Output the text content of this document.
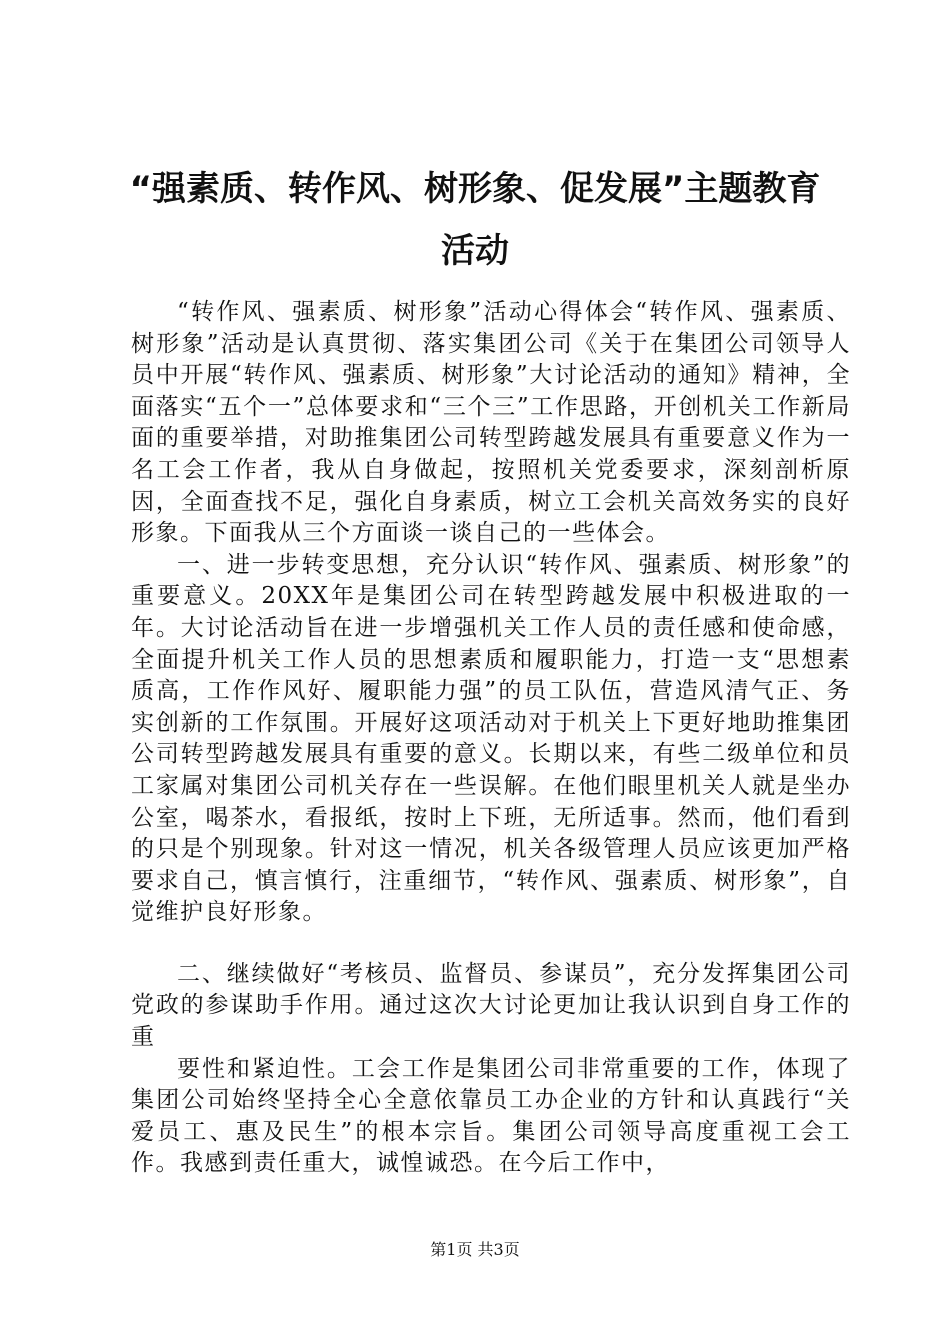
“强素质、转作风、树形象、促发展”主题教育活动

“转作风、强素质、树形象”活动心得体会“转作风、强素质、树形象”活动是认真贯彻、落实集团公司《关于在集团公司领导人员中开展“转作风、强素质、树形象”大讨论活动的通知》精神，全面落实“五个一”总体要求和“三个三”工作思路，开创机关工作新局面的重要举措，对助推集团公司转型跨越发展具有重要意义作为一名工会工作者，我从自身做起，按照机关党委要求，深刻剖析原因，全面查找不足，强化自身素质，树立工会机关高效务实的良好形象。下面我从三个方面谈一谈自己的一些体会。

一、进一步转变思想，充分认识“转作风、强素质、树形象”的重要意义。20XX年是集团公司在转型跨越发展中积极进取的一年。大讨论活动旨在进一步增强机关工作人员的责任感和使命感，全面提升机关工作人员的思想素质和履职能力，打造一支“思想素质高，工作作风好、履职能力强”的员工队伍，营造风清气正、务实创新的工作氛围。开展好这项活动对于机关上下更好地助推集团公司转型跨越发展具有重要的意义。长期以来，有些二级单位和员工家属对集团公司机关存在一些误解。在他们眼里机关人就是坐办公室，喝茶水，看报纸，按时上下班，无所适事。然而，他们看到的只是个别现象。针对这一情况，机关各级管理人员应该更加严格要求自己，慎言慎行，注重细节，“转作风、强素质、树形象”，自觉维护良好形象。

二、继续做好“考核员、监督员、参谋员”，充分发挥集团公司党政的参谋助手作用。通过这次大讨论更加让我认识到自身工作的重

要性和紧迫性。工会工作是集团公司非常重要的工作，体现了集团公司始终坚持全心全意依靠员工办企业的方针和认真践行“关爱员工、惠及民生”的根本宗旨。集团公司领导高度重视工会工作。我感到责任重大，诚惶诚恐。在今后工作中，

第1页 共3页
